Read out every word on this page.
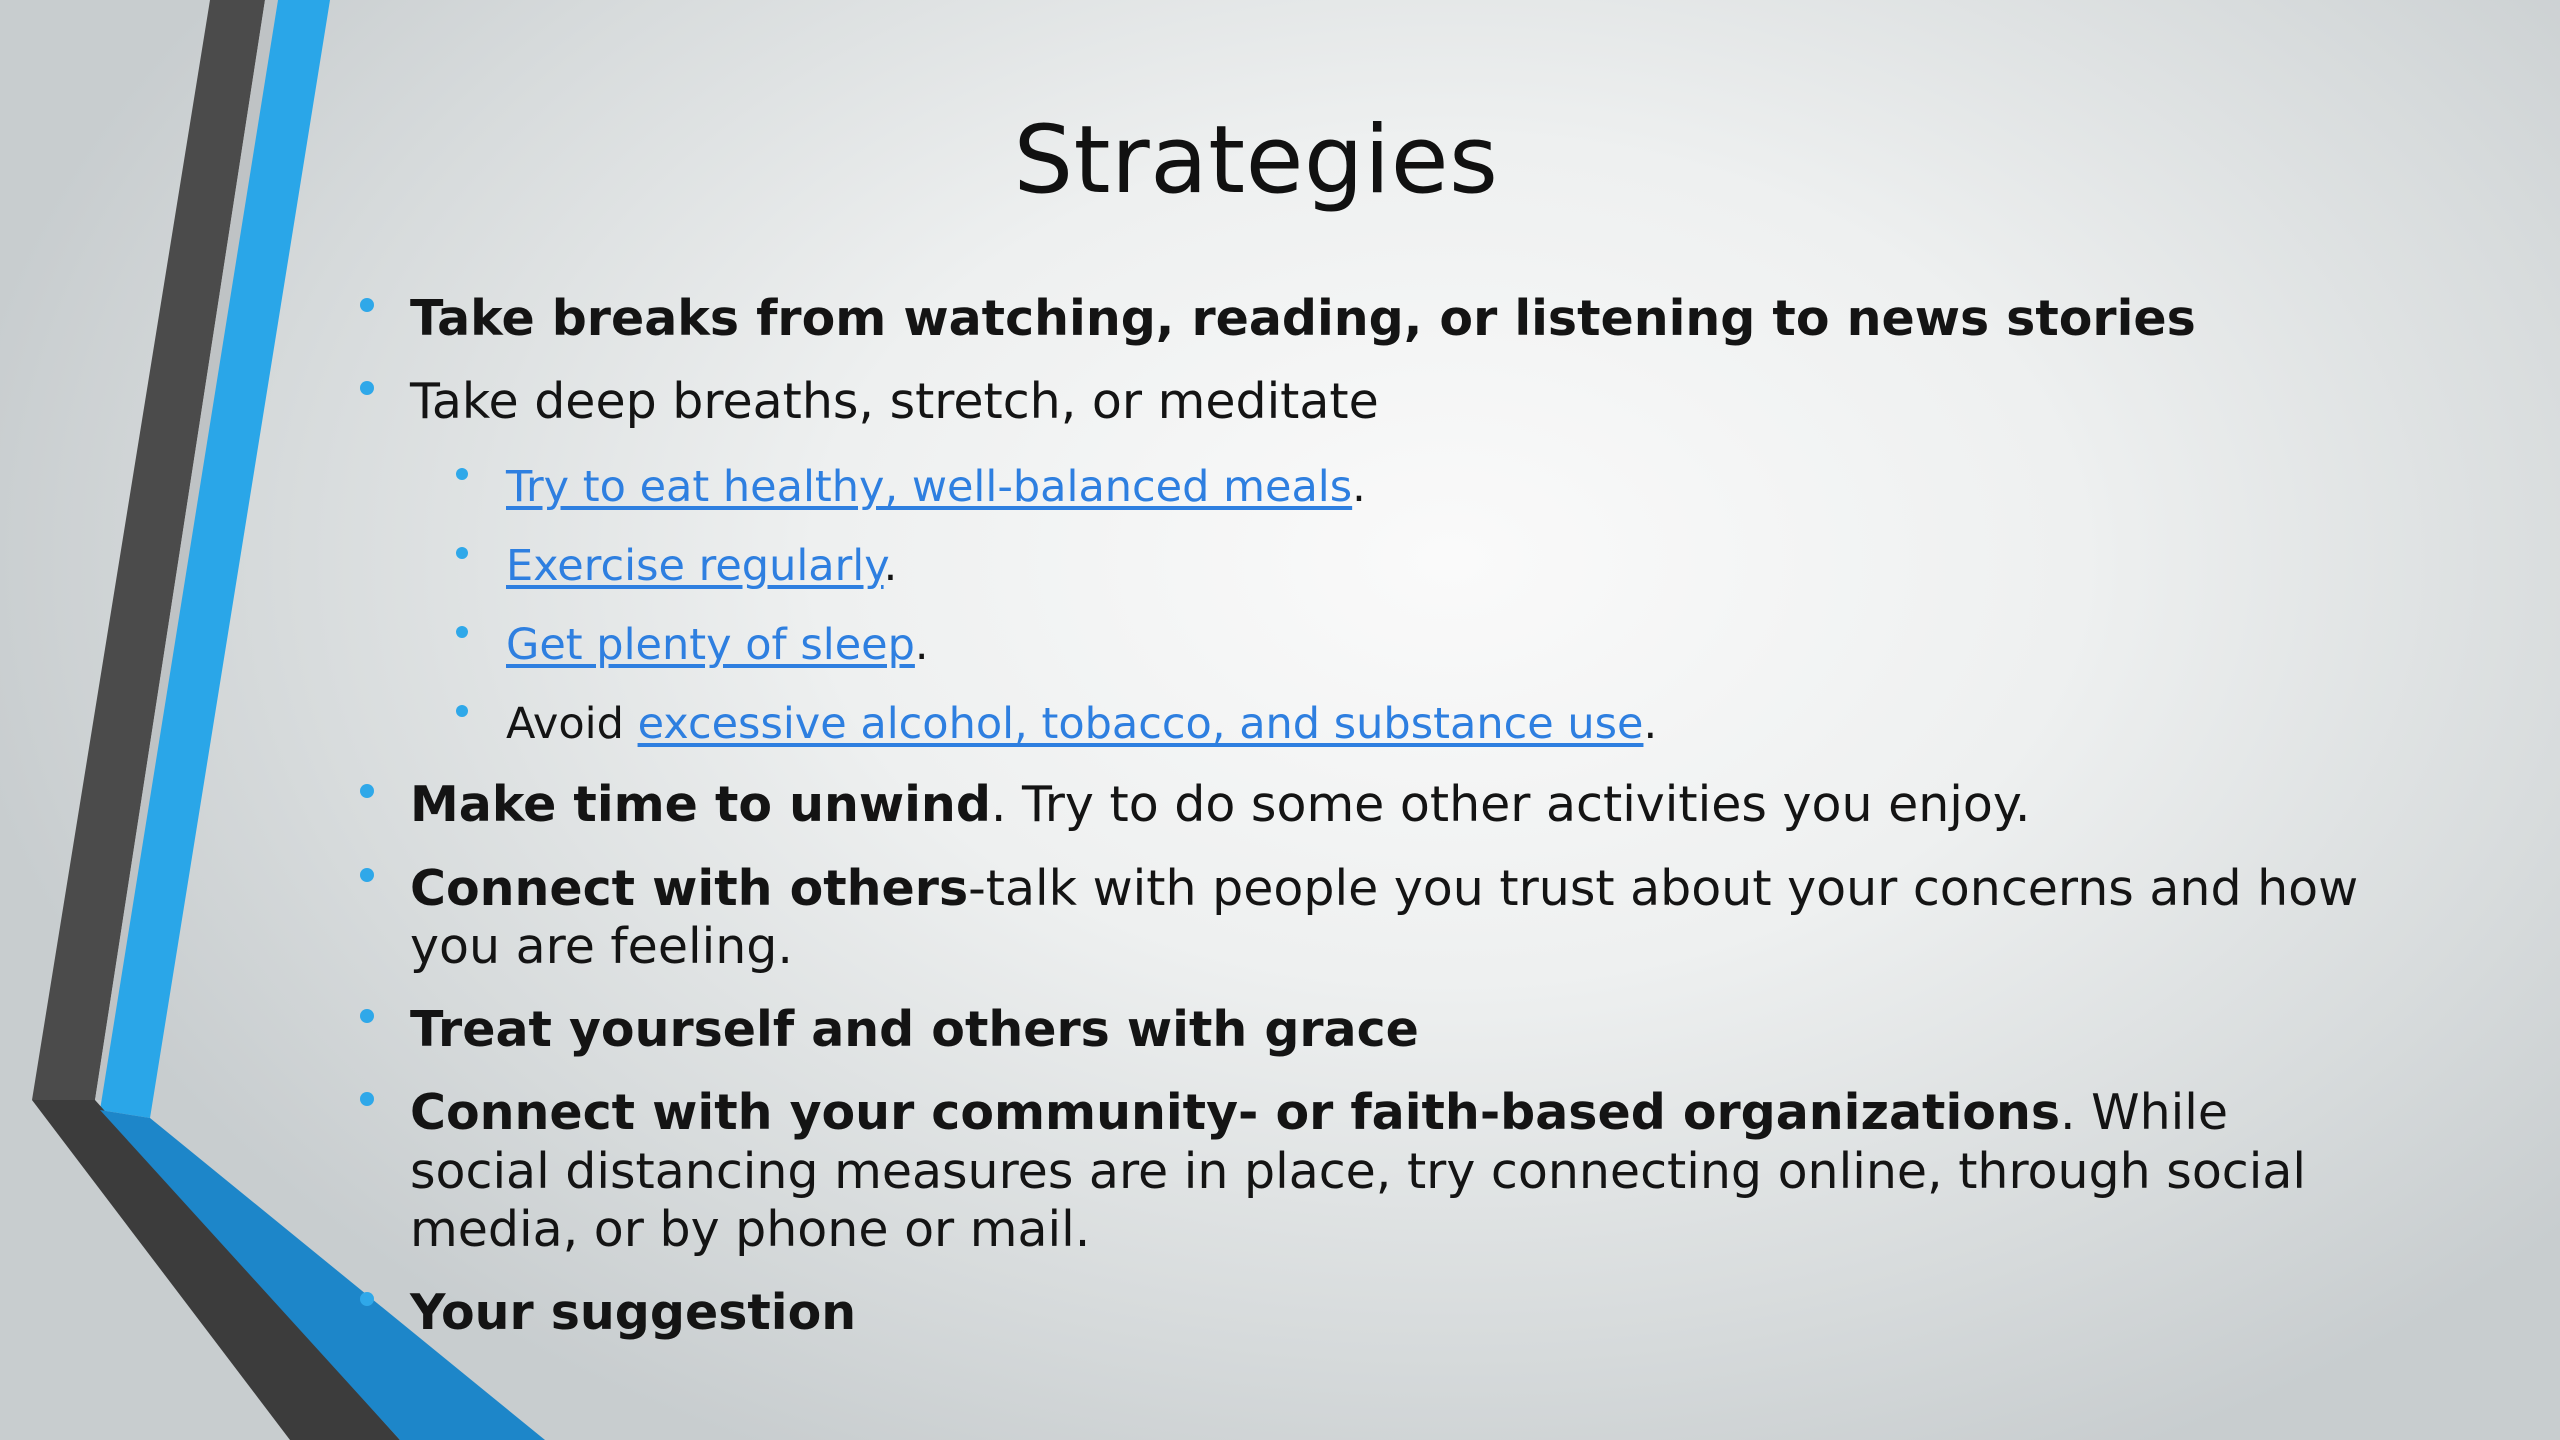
Strategies
Take breaks from watching, reading, or listening to news stories
Take deep breaths, stretch, or meditate
Try to eat healthy, well-balanced meals.
Exercise regularly.
Get plenty of sleep.
Avoid excessive alcohol, tobacco, and substance use.
Make time to unwind. Try to do some other activities you enjoy.
Connect with others-talk with people you trust about your concerns and how you are feeling.
Treat yourself and others with grace
Connect with your community- or faith-based organizations. While social distancing measures are in place, try connecting online, through social media, or by phone or mail.
Your suggestion
